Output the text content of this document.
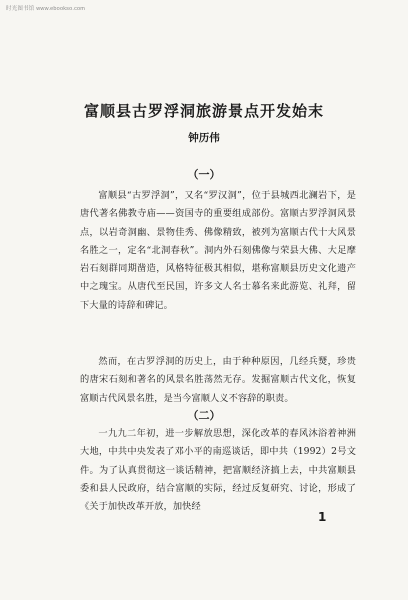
时光图书馆 www.ebookso.com
富顺县古罗浮洞旅游景点开发始末
钟历伟
（一）

富顺县“古罗浮洞”，又名“罗汉洞”，位于县城西北澜岩下，是唐代著名佛教寺庙——资国寺的重要组成部份。富顺古罗浮洞风景点，以岩奇洞幽、景物佳秀、佛像精致，被列为富顺古代十大风景名胜之一，定名“北洞春秋”。洞内外石刻佛像与荣县大佛、大足摩岩石刻群同期凿造，风格特征极其相似，堪称富顺县历史文化遗产中之瑰宝。从唐代至民国，许多文人名士慕名来此游览、礼拜，留下大量的诗辞和碑记。

然而，在古罗浮洞的历史上，由于种种原因，几经兵燹，珍贵的唐宋石刻和著名的风景名胜荡然无存。发掘富顺古代文化，恢复富顺古代风景名胜，是当今富顺人义不容辞的职责。

（二）

一九九二年初，进一步解放思想，深化改革的春风沐浴着神洲大地，中共中央发表了邓小平的南巡谈话，即中共（1992）2号文件。为了认真贯彻这一谈话精神，把富顺经济搞上去，中共富顺县委和县人民政府，结合富顺的实际，经过反复研究、讨论，形成了《关于加快改革开放，加快经

1
